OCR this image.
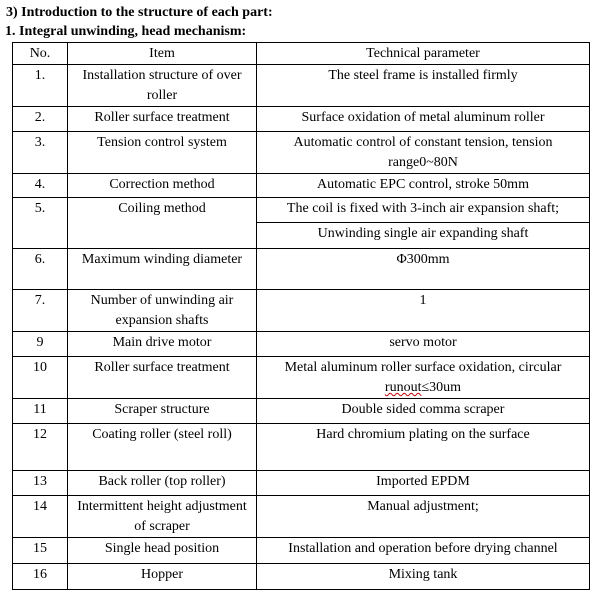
3) Introduction to the structure of each part:
1. Integral unwinding, head mechanism:
No.	Item	Technical parameter
1.	Installation structure of over roller	The steel frame is installed firmly
2.	Roller surface treatment	Surface oxidation of metal aluminum roller
3.	Tension control system	Automatic control of constant tension, tension range0~80N
4.	Correction method	Automatic EPC control, stroke 50mm
5.	Coiling method	The coil is fixed with 3-inch air expansion shaft;
		Unwinding single air expanding shaft
6.	Maximum winding diameter	Φ300mm
7.	Number of unwinding air expansion shafts	1
9	Main drive motor	servo motor
10	Roller surface treatment	Metal aluminum roller surface oxidation, circular runout≤30um
11	Scraper structure	Double sided comma scraper
12	Coating roller (steel roll)	Hard chromium plating on the surface
13	Back roller (top roller)	Imported EPDM
14	Intermittent height adjustment of scraper	Manual adjustment;
15	Single head position	Installation and operation before drying channel
16	Hopper	Mixing tank
